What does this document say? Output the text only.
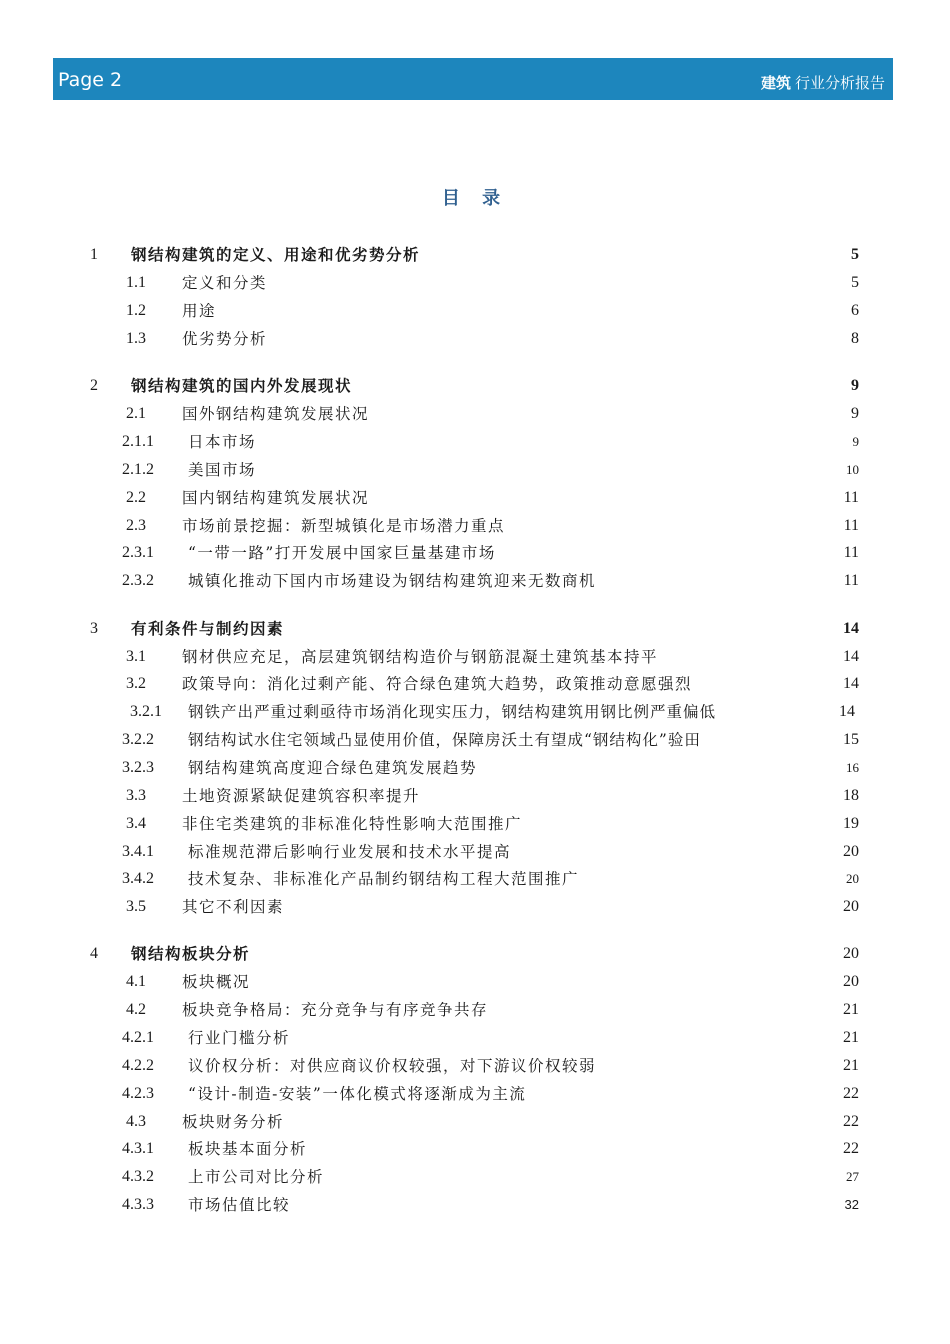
Page 2	建筑 行业分析报告
目 录
1 钢结构建筑的定义、用途和优劣势分析	5
1.1 定义和分类	5
1.2 用途	6
1.3 优劣势分析	8
2 钢结构建筑的国内外发展现状	9
2.1 国外钢结构建筑发展状况	9
2.1.1 日本市场	9
2.1.2 美国市场	10
2.2 国内钢结构建筑发展状况	11
2.3 市场前景挖掘：新型城镇化是市场潜力重点	11
2.3.1 “一带一路”打开发展中国家巨量基建市场	11
2.3.2 城镇化推动下国内市场建设为钢结构建筑迎来无数商机	11
3 有利条件与制约因素	14
3.1 钢材供应充足，高层建筑钢结构造价与钢筋混凝土建筑基本持平	14
3.2 政策导向：消化过剩产能、符合绿色建筑大趋势，政策推动意愿强烈	14
3.2.1 钢铁产出严重过剩亟待市场消化现实压力，钢结构建筑用钢比例严重偏低	14
3.2.2 钢结构试水住宅领域凸显使用价值，保障房沃土有望成“钢结构化”验田	15
3.2.3 钢结构建筑高度迎合绿色建筑发展趋势	16
3.3 土地资源紧缺促建筑容积率提升	18
3.4 非住宅类建筑的非标准化特性影响大范围推广	19
3.4.1 标准规范滞后影响行业发展和技术水平提高	20
3.4.2 技术复杂、非标准化产品制约钢结构工程大范围推广	20
3.5 其它不利因素	20
4 钢结构板块分析	20
4.1 板块概况	20
4.2 板块竞争格局：充分竞争与有序竞争共存	21
4.2.1 行业门槛分析	21
4.2.2 议价权分析：对供应商议价权较强，对下游议价权较弱	21
4.2.3 “设计-制造-安装”一体化模式将逐渐成为主流	22
4.3 板块财务分析	22
4.3.1 板块基本面分析	22
4.3.2 上市公司对比分析	27
4.3.3 市场估值比较	32
